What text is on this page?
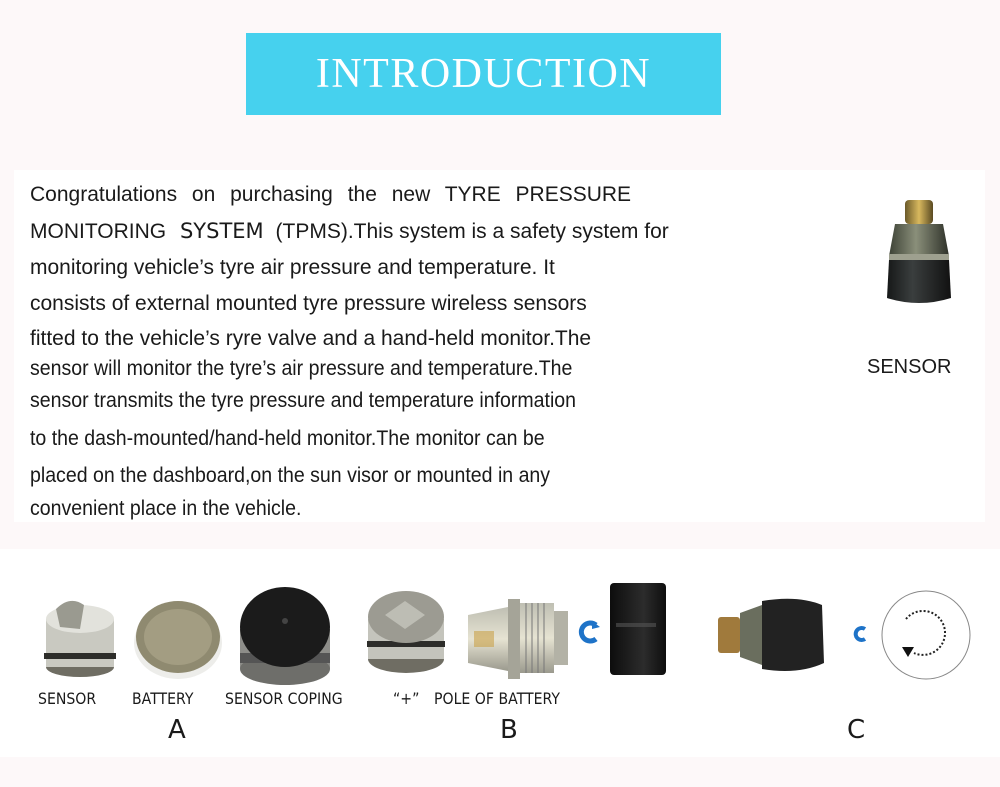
INTRODUCTION
Congratulations on purchasing the new TYRE PRESSURE
MONITORING SYSTEM (TPMS).This system is a safety system for
monitoring vehicle’s tyre air pressure and temperature. It
consists of external mounted tyre pressure wireless sensors
fitted to the vehicle’s ryre valve and a hand-held monitor.The
sensor will monitor the tyre’s air pressure and temperature.The
sensor transmits the tyre pressure and temperature information
to the dash-mounted/hand-held monitor.The monitor can be
placed on the dashboard,on the sun visor or mounted in any
convenient place in the vehicle.
SENSOR
SENSOR BATTERY SENSOR COPING	“+” POLE OF BATTERY
A	B	C
